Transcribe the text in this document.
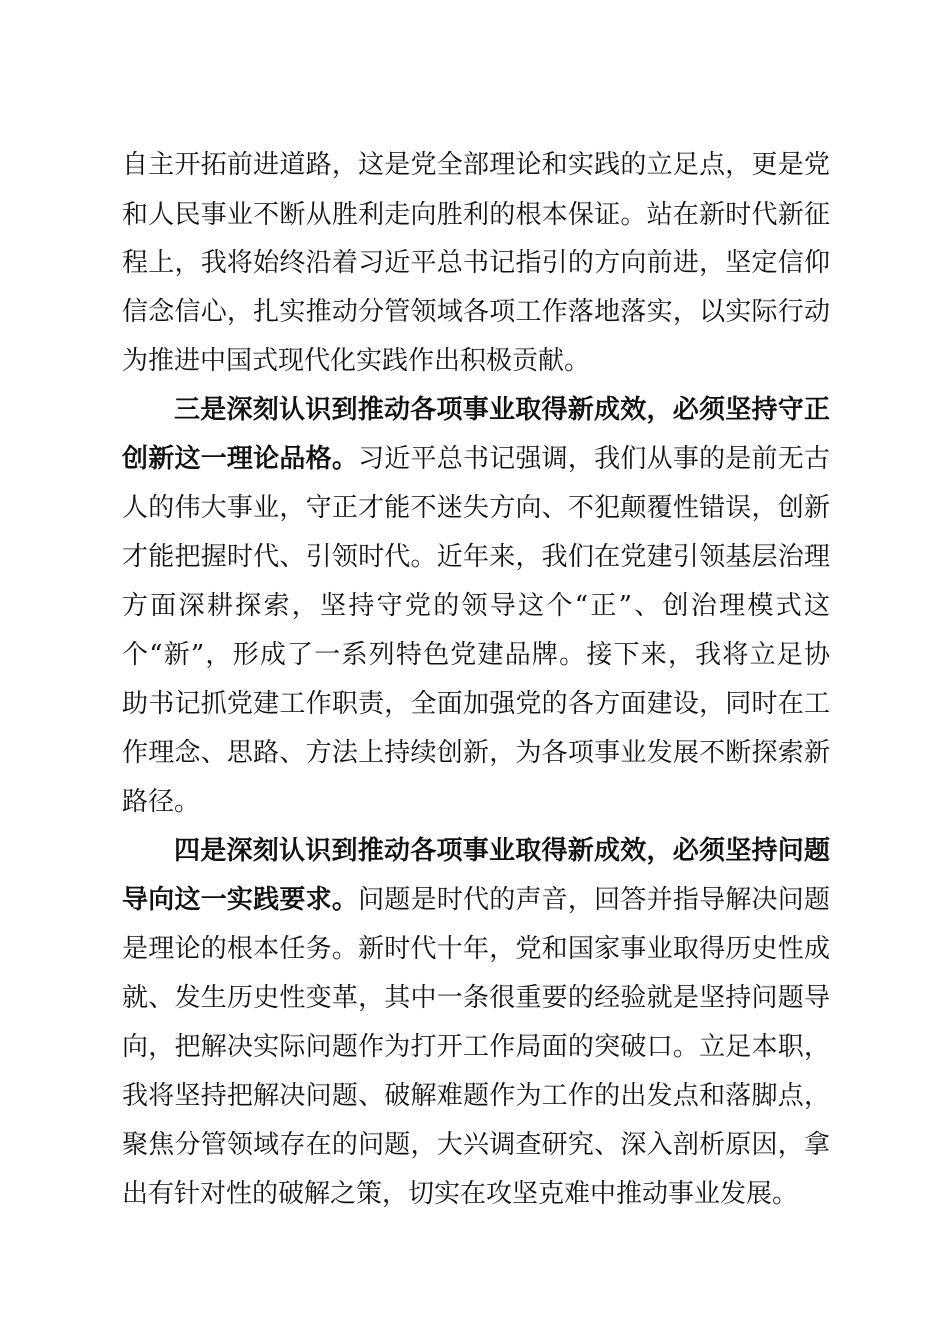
自主开拓前进道路，这是党全部理论和实践的立足点，更是党
和人民事业不断从胜利走向胜利的根本保证。站在新时代新征
程上，我将始终沿着习近平总书记指引的方向前进，坚定信仰
信念信心，扎实推动分管领域各项工作落地落实，以实际行动
为推进中国式现代化实践作出积极贡献。
三是深刻认识到推动各项事业取得新成效，必须坚持守正
创新这一理论品格。习近平总书记强调，我们从事的是前无古
人的伟大事业，守正才能不迷失方向、不犯颠覆性错误，创新
才能把握时代、引领时代。近年来，我们在党建引领基层治理
方面深耕探索，坚持守党的领导这个“正”、创治理模式这
个“新”，形成了一系列特色党建品牌。接下来，我将立足协
助书记抓党建工作职责，全面加强党的各方面建设，同时在工
作理念、思路、方法上持续创新，为各项事业发展不断探索新
路径。
四是深刻认识到推动各项事业取得新成效，必须坚持问题
导向这一实践要求。问题是时代的声音，回答并指导解决问题
是理论的根本任务。新时代十年，党和国家事业取得历史性成
就、发生历史性变革，其中一条很重要的经验就是坚持问题导
向，把解决实际问题作为打开工作局面的突破口。立足本职，
我将坚持把解决问题、破解难题作为工作的出发点和落脚点，
聚焦分管领域存在的问题，大兴调查研究、深入剖析原因，拿
出有针对性的破解之策，切实在攻坚克难中推动事业发展。
